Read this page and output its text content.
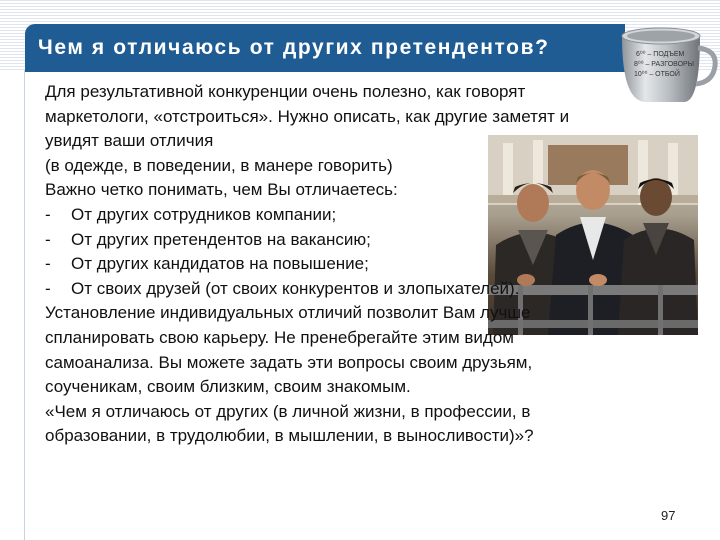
Чем я отличаюсь от других претендентов?	6⁰⁰ – ПОДЪЕМ
8⁰⁰ – РАЗГОВОРЫ
10⁰⁰ – ОТБОЙ

Для результативной конкуренции очень полезно, как говорят маркетологи, «отстроиться». Нужно описать, как другие заметят и увидят ваши отличия

(в одежде, в поведении, в манере говорить)

Важно четко понимать, чем Вы отличаетесь:

-	От других сотрудников компании;
-	От других претендентов на вакансию;
-	От других кандидатов на повышение;
-	От своих друзей (от своих конкурентов и злопыхателей).

Установление индивидуальных отличий позволит Вам лучше спланировать свою карьеру. Не пренебрегайте этим видом самоанализа. Вы можете задать эти вопросы своим друзьям, соученикам, своим близким, своим знакомым.

«Чем я отличаюсь от других (в личной жизни, в профессии, в образовании, в трудолюбии, в мышлении, в выносливости)»?

97
